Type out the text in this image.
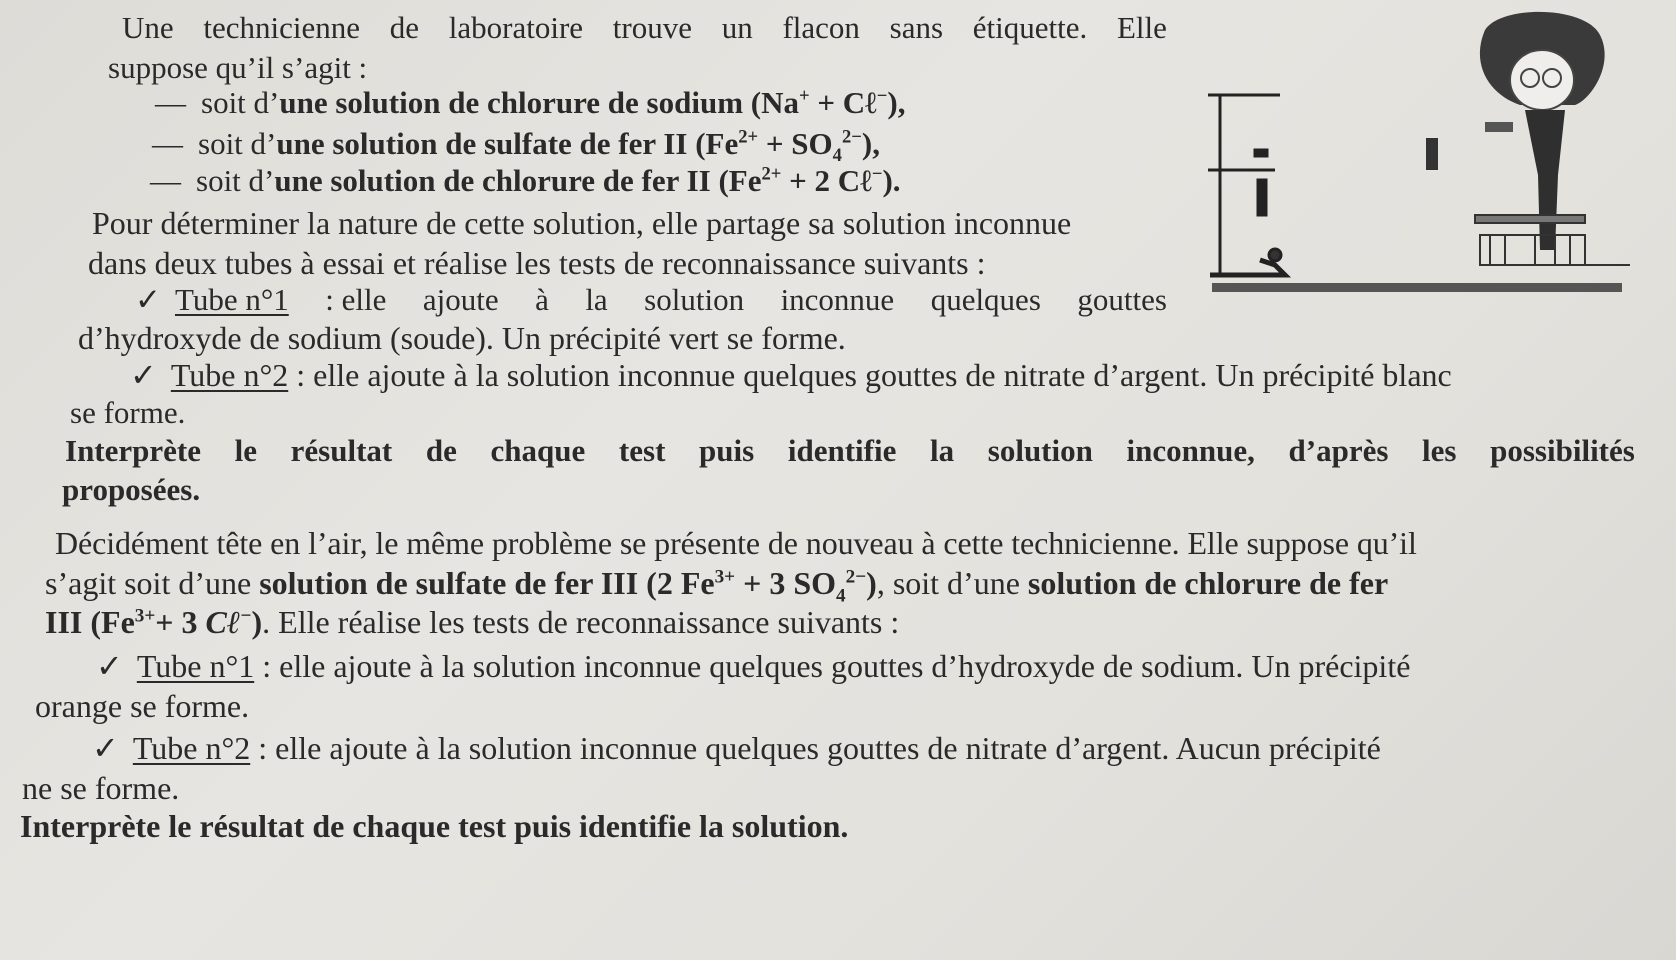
Une technicienne de laboratoire trouve un flacon sans étiquette. Elle
suppose qu’il s’agit :
— soit d’une solution de chlorure de sodium (Na+ + Cℓ−),
— soit d’une solution de sulfate de fer II $(Fe^{2+} + SO_4^{2-})$,
— soit d’une solution de chlorure de fer II ($Fe^{2+} + 2$ Cℓ−).
Pour déterminer la nature de cette solution, elle partage sa solution inconnue
dans deux tubes à essai et réalise les tests de reconnaissance suivants :
✓ Tube n°1 : elle ajoute à la solution inconnue quelques gouttes
d’hydroxyde de sodium (soude). Un précipité vert se forme.
✓ Tube n°2 : elle ajoute à la solution inconnue quelques gouttes de nitrate d’argent. Un précipité blanc
se forme.
Interprète le résultat de chaque test puis identifie la solution inconnue, d’après les possibilités
proposées.
Décidément tête en l’air, le même problème se présente de nouveau à cette technicienne. Elle suppose qu’il
s’agit soit d’une solution de sulfate de fer III (2 $Fe^{3+} + 3$ $SO_4^{2-}$), soit d’une solution de chlorure de fer
III ($Fe^{3+}+ 3$ Cℓ−). Elle réalise les tests de reconnaissance suivants :
✓ Tube n°1 : elle ajoute à la solution inconnue quelques gouttes d’hydroxyde de sodium. Un précipité
orange se forme.
✓ Tube n°2 : elle ajoute à la solution inconnue quelques gouttes de nitrate d’argent. Aucun précipité
ne se forme.
Interprète le résultat de chaque test puis identifie la solution.
